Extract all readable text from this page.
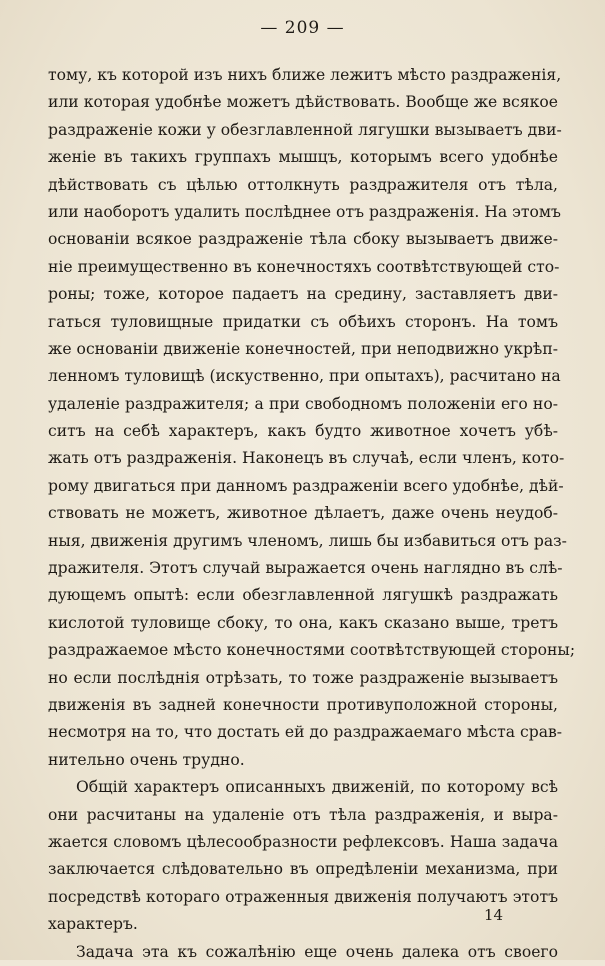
— 209 —
тому, къ которой изъ нихъ ближе лежитъ мѣсто раздраженія,
или которая удобнѣе можетъ дѣйствовать. Вообще же всякое
раздраженіе кожи у обезглавленной лягушки вызываетъ дви-
женіе въ такихъ группахъ мышцъ, которымъ всего удобнѣе
дѣйствовать съ цѣлью оттолкнуть раздражителя отъ тѣла,
или наоборотъ удалить послѣднее отъ раздраженія. На этомъ
основаніи всякое раздраженіе тѣла сбоку вызываетъ движе-
ніе преимущественно въ конечностяхъ соотвѣтствующей сто-
роны; тоже, которое падаетъ на средину, заставляетъ дви-
гаться туловищные придатки съ обѣихъ сторонъ. На томъ
же основаніи движеніе конечностей, при неподвижно укрѣп-
ленномъ туловищѣ (искуственно, при опытахъ), расчитано на
удаленіе раздражителя; а при свободномъ положеніи его но-
ситъ на себѣ характеръ, какъ будто животное хочетъ убѣ-
жать отъ раздраженія. Наконецъ въ случаѣ, если членъ, кото-
рому двигаться при данномъ раздраженіи всего удобнѣе, дѣй-
ствовать не можетъ, животное дѣлаетъ, даже очень неудоб-
ныя, движенія другимъ членомъ, лишь бы избавиться отъ раз-
дражителя. Этотъ случай выражается очень наглядно въ слѣ-
дующемъ опытѣ: если обезглавленной лягушкѣ раздражать
кислотой туловище сбоку, то она, какъ сказано выше, третъ
раздражаемое мѣсто конечностями соотвѣтствующей стороны;
но если послѣднія отрѣзать, то тоже раздраженіе вызываетъ
движенія въ задней конечности противуположной стороны,
несмотря на то, что достать ей до раздражаемаго мѣста срав-
нительно очень трудно.
Общій характеръ описанныхъ движеній, по которому всѣ
они расчитаны на удаленіе отъ тѣла раздраженія, и выра-
жается словомъ цѣлесообразности рефлексовъ. Наша задача
заключается слѣдовательно въ опредѣленіи механизма, при
посредствѣ котораго отраженныя движенія получаютъ этотъ
характеръ.
Задача эта къ сожалѣнію еще очень далека отъ своего
14
